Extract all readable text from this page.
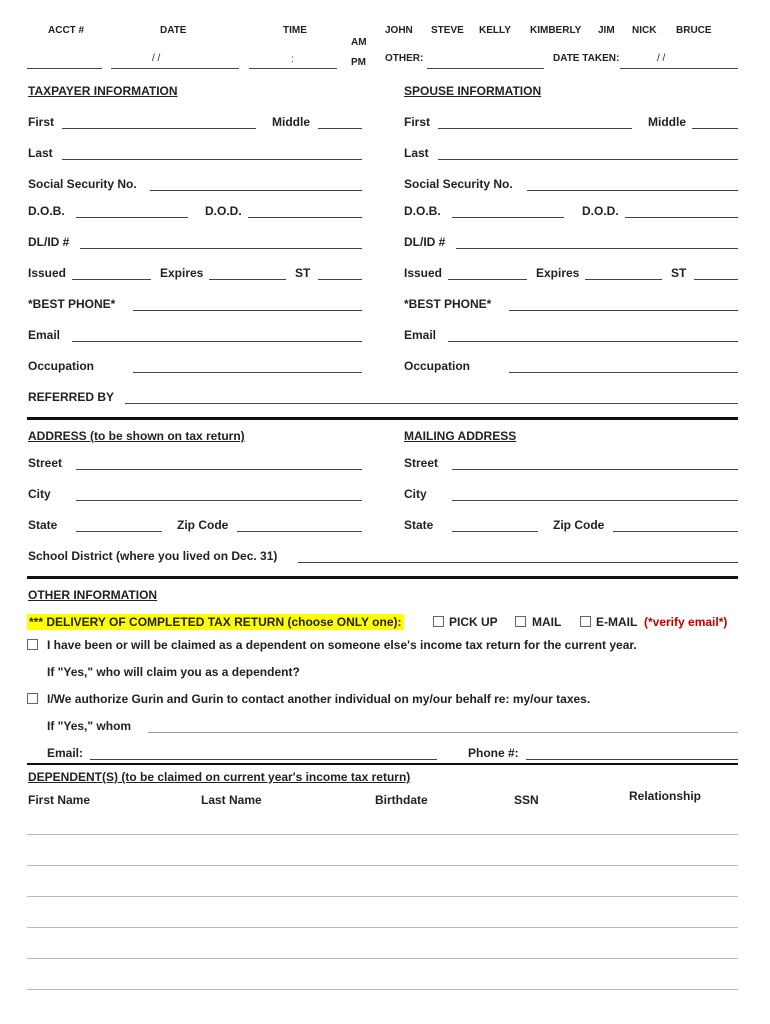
ACCT #	DATE
/ /
TIME
:
AM
PM
JOHN STEVE KELLY KIMBERLY JIM NICK BRUCE
OTHER:	DATE TAKEN:	/ /
TAXPAYER INFORMATION	SPOUSE INFORMATION
First	Middle	First	Middle
Last	Last
Social Security No.	Social Security No.
D.O.B.	D.O.D.	D.O.B.	D.O.D.
DL/ID #	DL/ID #
Issued	Expires	ST	Issued	Expires	ST
*BEST PHONE*	*BEST PHONE*
Email	Email
Occupation	Occupation
REFERRED BY
ADDRESS (to be shown on tax return)	MAILING ADDRESS
Street	Street
City	City
State	Zip Code	State	Zip Code
School District (where you lived on Dec. 31)
OTHER INFORMATION
*** DELIVERY OF COMPLETED TAX RETURN (choose ONLY one):	PICK UP	MAIL	E-MAIL (*verify email*)
I have been or will be claimed as a dependent on someone else's income tax return for the current year.
If "Yes," who will claim you as a dependent?
I/We authorize Gurin and Gurin to contact another individual on my/our behalf re: my/our taxes.
If "Yes," whom
Email:	Phone #:
DEPENDENT(S) (to be claimed on current year's income tax return)
First Name	Last Name	Birthdate	SSN	Relationship
